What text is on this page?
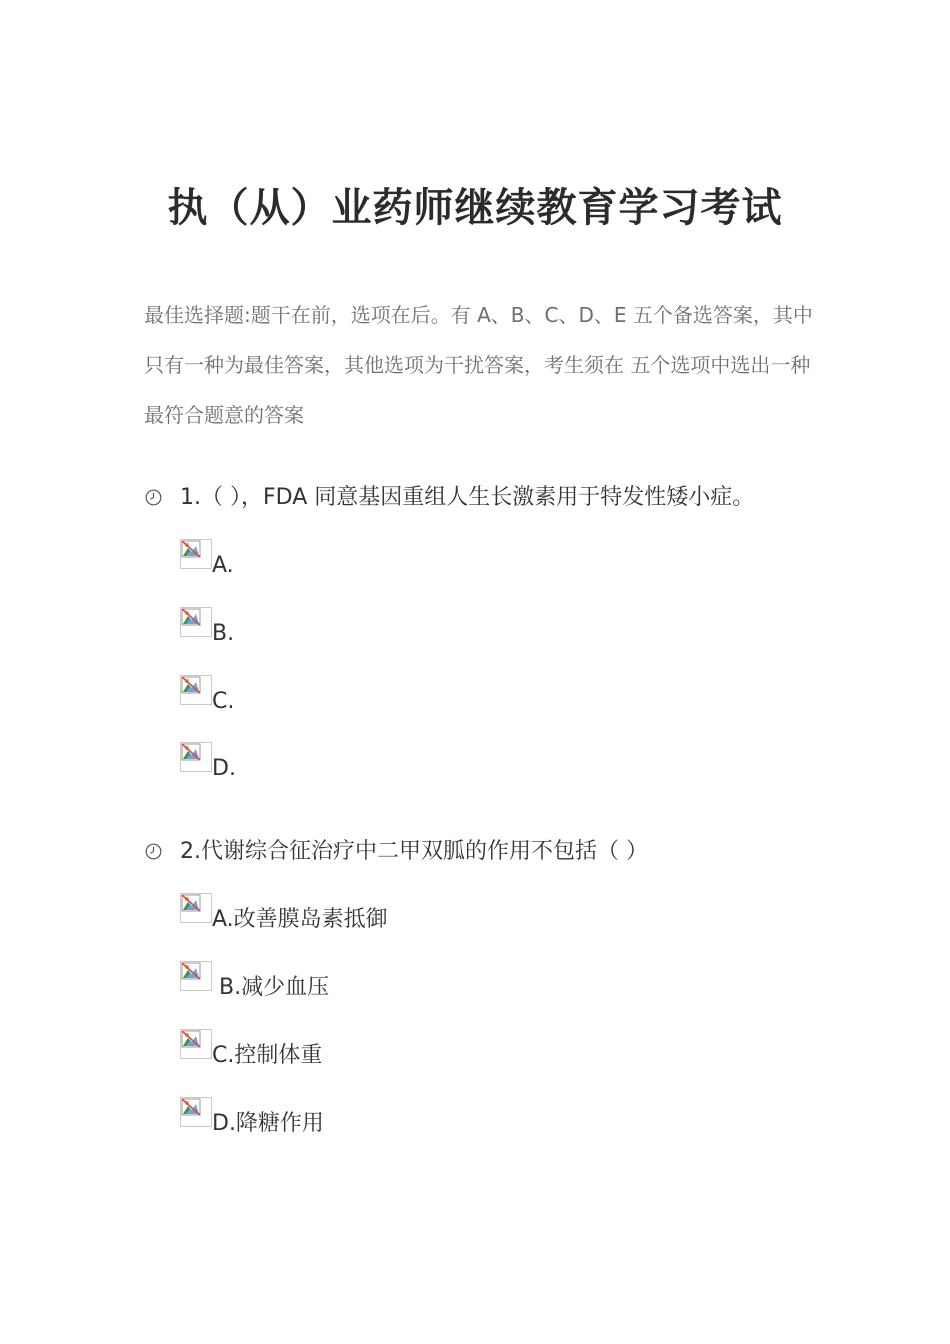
执（从）业药师继续教育学习考试
最佳选择题:题干在前，选项在后。有 A、B、C、D、E 五个备选答案，其中只有一种为最佳答案，其他选项为干扰答案，考生须在 五个选项中选出一种最符合题意的答案
1.（ ），FDA 同意基因重组人生长激素用于特发性矮小症。
A.
B.
C.
D.
2.代谢综合征治疗中二甲双胍的作用不包括（ ）
A.改善膜岛素抵御
B.减少血压
C.控制体重
D.降糖作用
